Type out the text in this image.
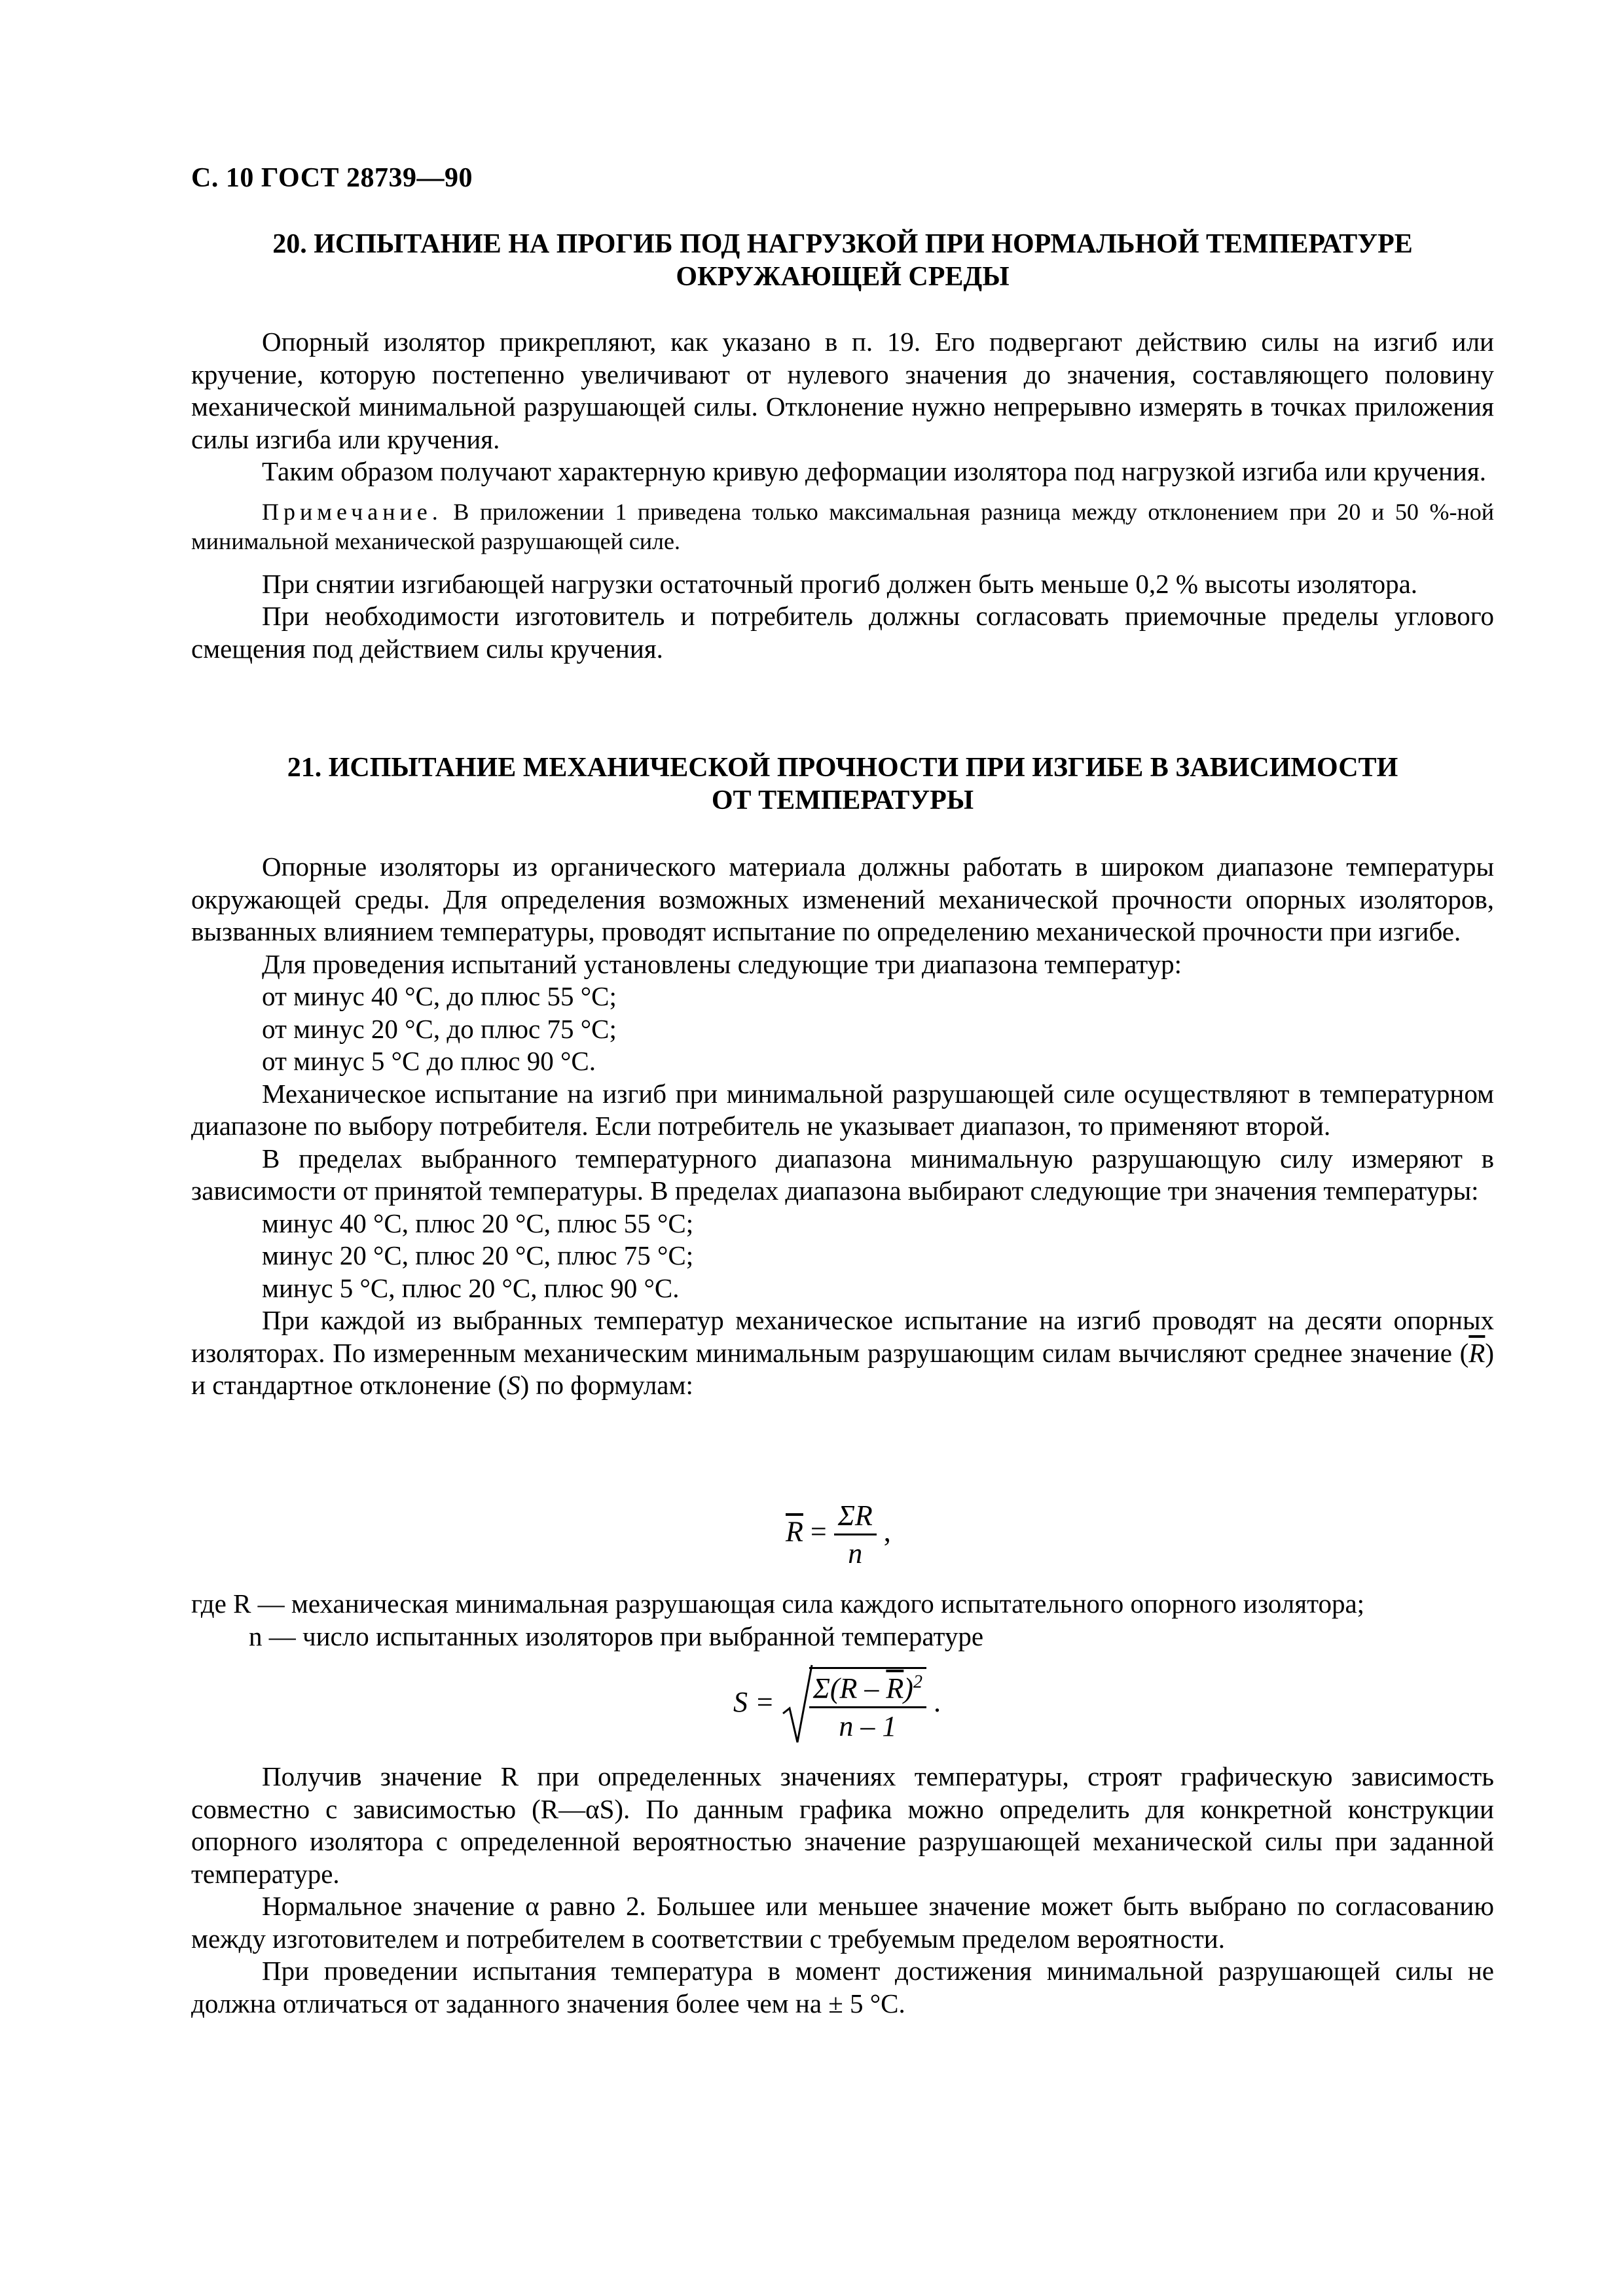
С. 10 ГОСТ 28739—90
20. ИСПЫТАНИЕ НА ПРОГИБ ПОД НАГРУЗКОЙ ПРИ НОРМАЛЬНОЙ ТЕМПЕРАТУРЕ
ОКРУЖАЮЩЕЙ СРЕДЫ

Опорный изолятор прикрепляют, как указано в п. 19. Его подвергают действию силы на изгиб или кручение, которую постепенно увеличивают от нулевого значения до значения, составляющего половину механической минимальной разрушающей силы. Отклонение нужно непрерывно измерять в точках приложения силы изгиба или кручения.

Таким образом получают характерную кривую деформации изолятора под нагрузкой изгиба или кручения.

Примечание. В приложении 1 приведена только максимальная разница между отклонением при 20 и 50 %-ной минимальной механической разрушающей силе.

При снятии изгибающей нагрузки остаточный прогиб должен быть меньше 0,2 % высоты изолятора.

При необходимости изготовитель и потребитель должны согласовать приемочные пределы углового смещения под действием силы кручения.

21. ИСПЫТАНИЕ МЕХАНИЧЕСКОЙ ПРОЧНОСТИ ПРИ ИЗГИБЕ В ЗАВИСИМОСТИ
ОТ ТЕМПЕРАТУРЫ

Опорные изоляторы из органического материала должны работать в широком диапазоне температуры окружающей среды. Для определения возможных изменений механической прочности опорных изоляторов, вызванных влиянием температуры, проводят испытание по определению механической прочности при изгибе.

Для проведения испытаний установлены следующие три диапазона температур:

от минус 40 °С, до плюс 55 °С;

от минус 20 °С, до плюс 75 °С;

от минус 5 °С до плюс 90 °С.

Механическое испытание на изгиб при минимальной разрушающей силе осуществляют в температурном диапазоне по выбору потребителя. Если потребитель не указывает диапазон, то применяют второй.

В пределах выбранного температурного диапазона минимальную разрушающую силу измеряют в зависимости от принятой температуры. В пределах диапазона выбирают следующие три значения температуры:

минус 40 °С, плюс 20 °С, плюс 55 °С;

минус 20 °С, плюс 20 °С, плюс 75 °С;

минус 5 °С, плюс 20 °С, плюс 90 °С.

При каждой из выбранных температур механическое испытание на изгиб проводят на десяти опорных изоляторах. По измеренным механическим минимальным разрушающим силам вычисляют среднее значение $(\overline{R})$ и стандартное отклонение (S) по формулам:

$\overline{R} = \frac{\Sigma R}{n}$ ,

где R — механическая минимальная разрушающая сила каждого испытательного опорного изолятора;

n — число испытанных изоляторов при выбранной температуре

$S = \frac{\Sigma(R - \overline{R})^2}{n - 1}$ .

Получив значение R при определенных значениях температуры, строят графическую зависимость совместно с зависимостью (R—αS). По данным графика можно определить для конкретной конструкции опорного изолятора с определенной вероятностью значение разрушающей механической силы при заданной температуре.

Нормальное значение α равно 2. Большее или меньшее значение может быть выбрано по согласованию между изготовителем и потребителем в соответствии с требуемым пределом вероятности.

При проведении испытания температура в момент достижения минимальной разрушающей силы не должна отличаться от заданного значения более чем на ± 5 °С.
